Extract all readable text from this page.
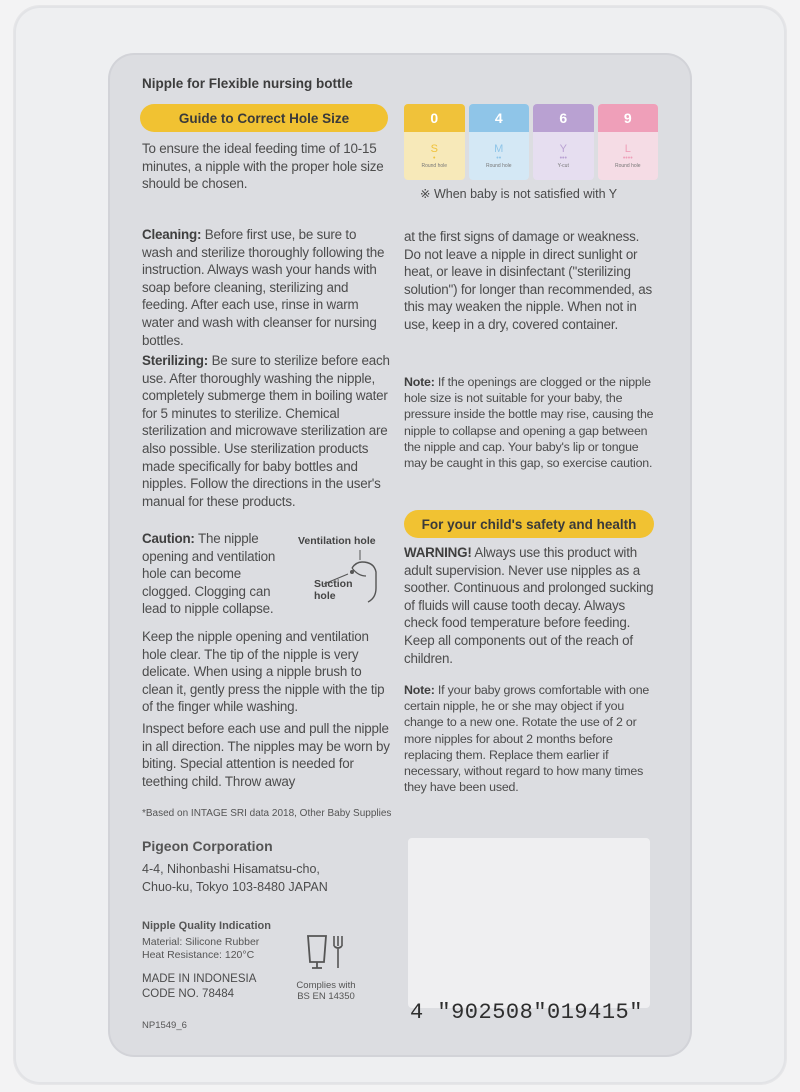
Nipple for Flexible nursing bottle
Guide to Correct Hole Size
To ensure the ideal feeding time of 10-15 minutes, a nipple with the proper hole size should be chosen.
0
S
•
Round hole
4
M
••
Round hole
6
Y
•••
Y-cut
9
L
••••
Round hole
※ When baby is not satisfied with Y
Cleaning: Before first use, be sure to wash and sterilize thoroughly following the instruction. Always wash your hands with soap before cleaning, sterilizing and feeding. After each use, rinse in warm water and wash with cleanser for nursing bottles.
Sterilizing: Be sure to sterilize before each use. After thoroughly washing the nipple, completely submerge them in boiling water for 5 minutes to sterilize. Chemical sterilization and microwave sterilization are also possible. Use sterilization products made specifically for baby bottles and nipples. Follow the directions in the user's manual for these products.
Caution: The nipple opening and ventilation hole can become clogged. Clogging can lead to nipple collapse.
Ventilation hole
Suction
hole
Keep the nipple opening and ventilation hole clear. The tip of the nipple is very delicate. When using a nipple brush to clean it, gently press the nipple with the tip of the finger while washing.
Inspect before each use and pull the nipple in all direction. The nipples may be worn by biting. Special attention is needed for teething child. Throw away
at the first signs of damage or weakness. Do not leave a nipple in direct sunlight or heat, or leave in disinfectant ("sterilizing solution") for longer than recommended, as this may weaken the nipple. When not in use, keep in a dry, covered container.
Note: If the openings are clogged or the nipple hole size is not suitable for your baby, the pressure inside the bottle may rise, causing the nipple to collapse and opening a gap between the nipple and cap. Your baby's lip or tongue may be caught in this gap, so exercise caution.
For your child's safety and health
WARNING! Always use this product with adult supervision. Never use nipples as a soother. Continuous and prolonged sucking of fluids will cause tooth decay. Always check food temperature before feeding. Keep all components out of the reach of children.
Note: If your baby grows comfortable with one certain nipple, he or she may object if you change to a new one. Rotate the use of 2 or more nipples for about 2 months before replacing them. Replace them earlier if necessary, without regard to how many times they have been used.
*Based on INTAGE SRI data 2018, Other Baby Supplies
Pigeon Corporation
4-4, Nihonbashi Hisamatsu-cho,
Chuo-ku, Tokyo 103-8480 JAPAN
Nipple Quality Indication
Material: Silicone Rubber
Heat Resistance: 120°C
MADE IN INDONESIA
CODE NO. 78484
Complies with
BS EN 14350
NP1549_6
4 "902508"019415"
